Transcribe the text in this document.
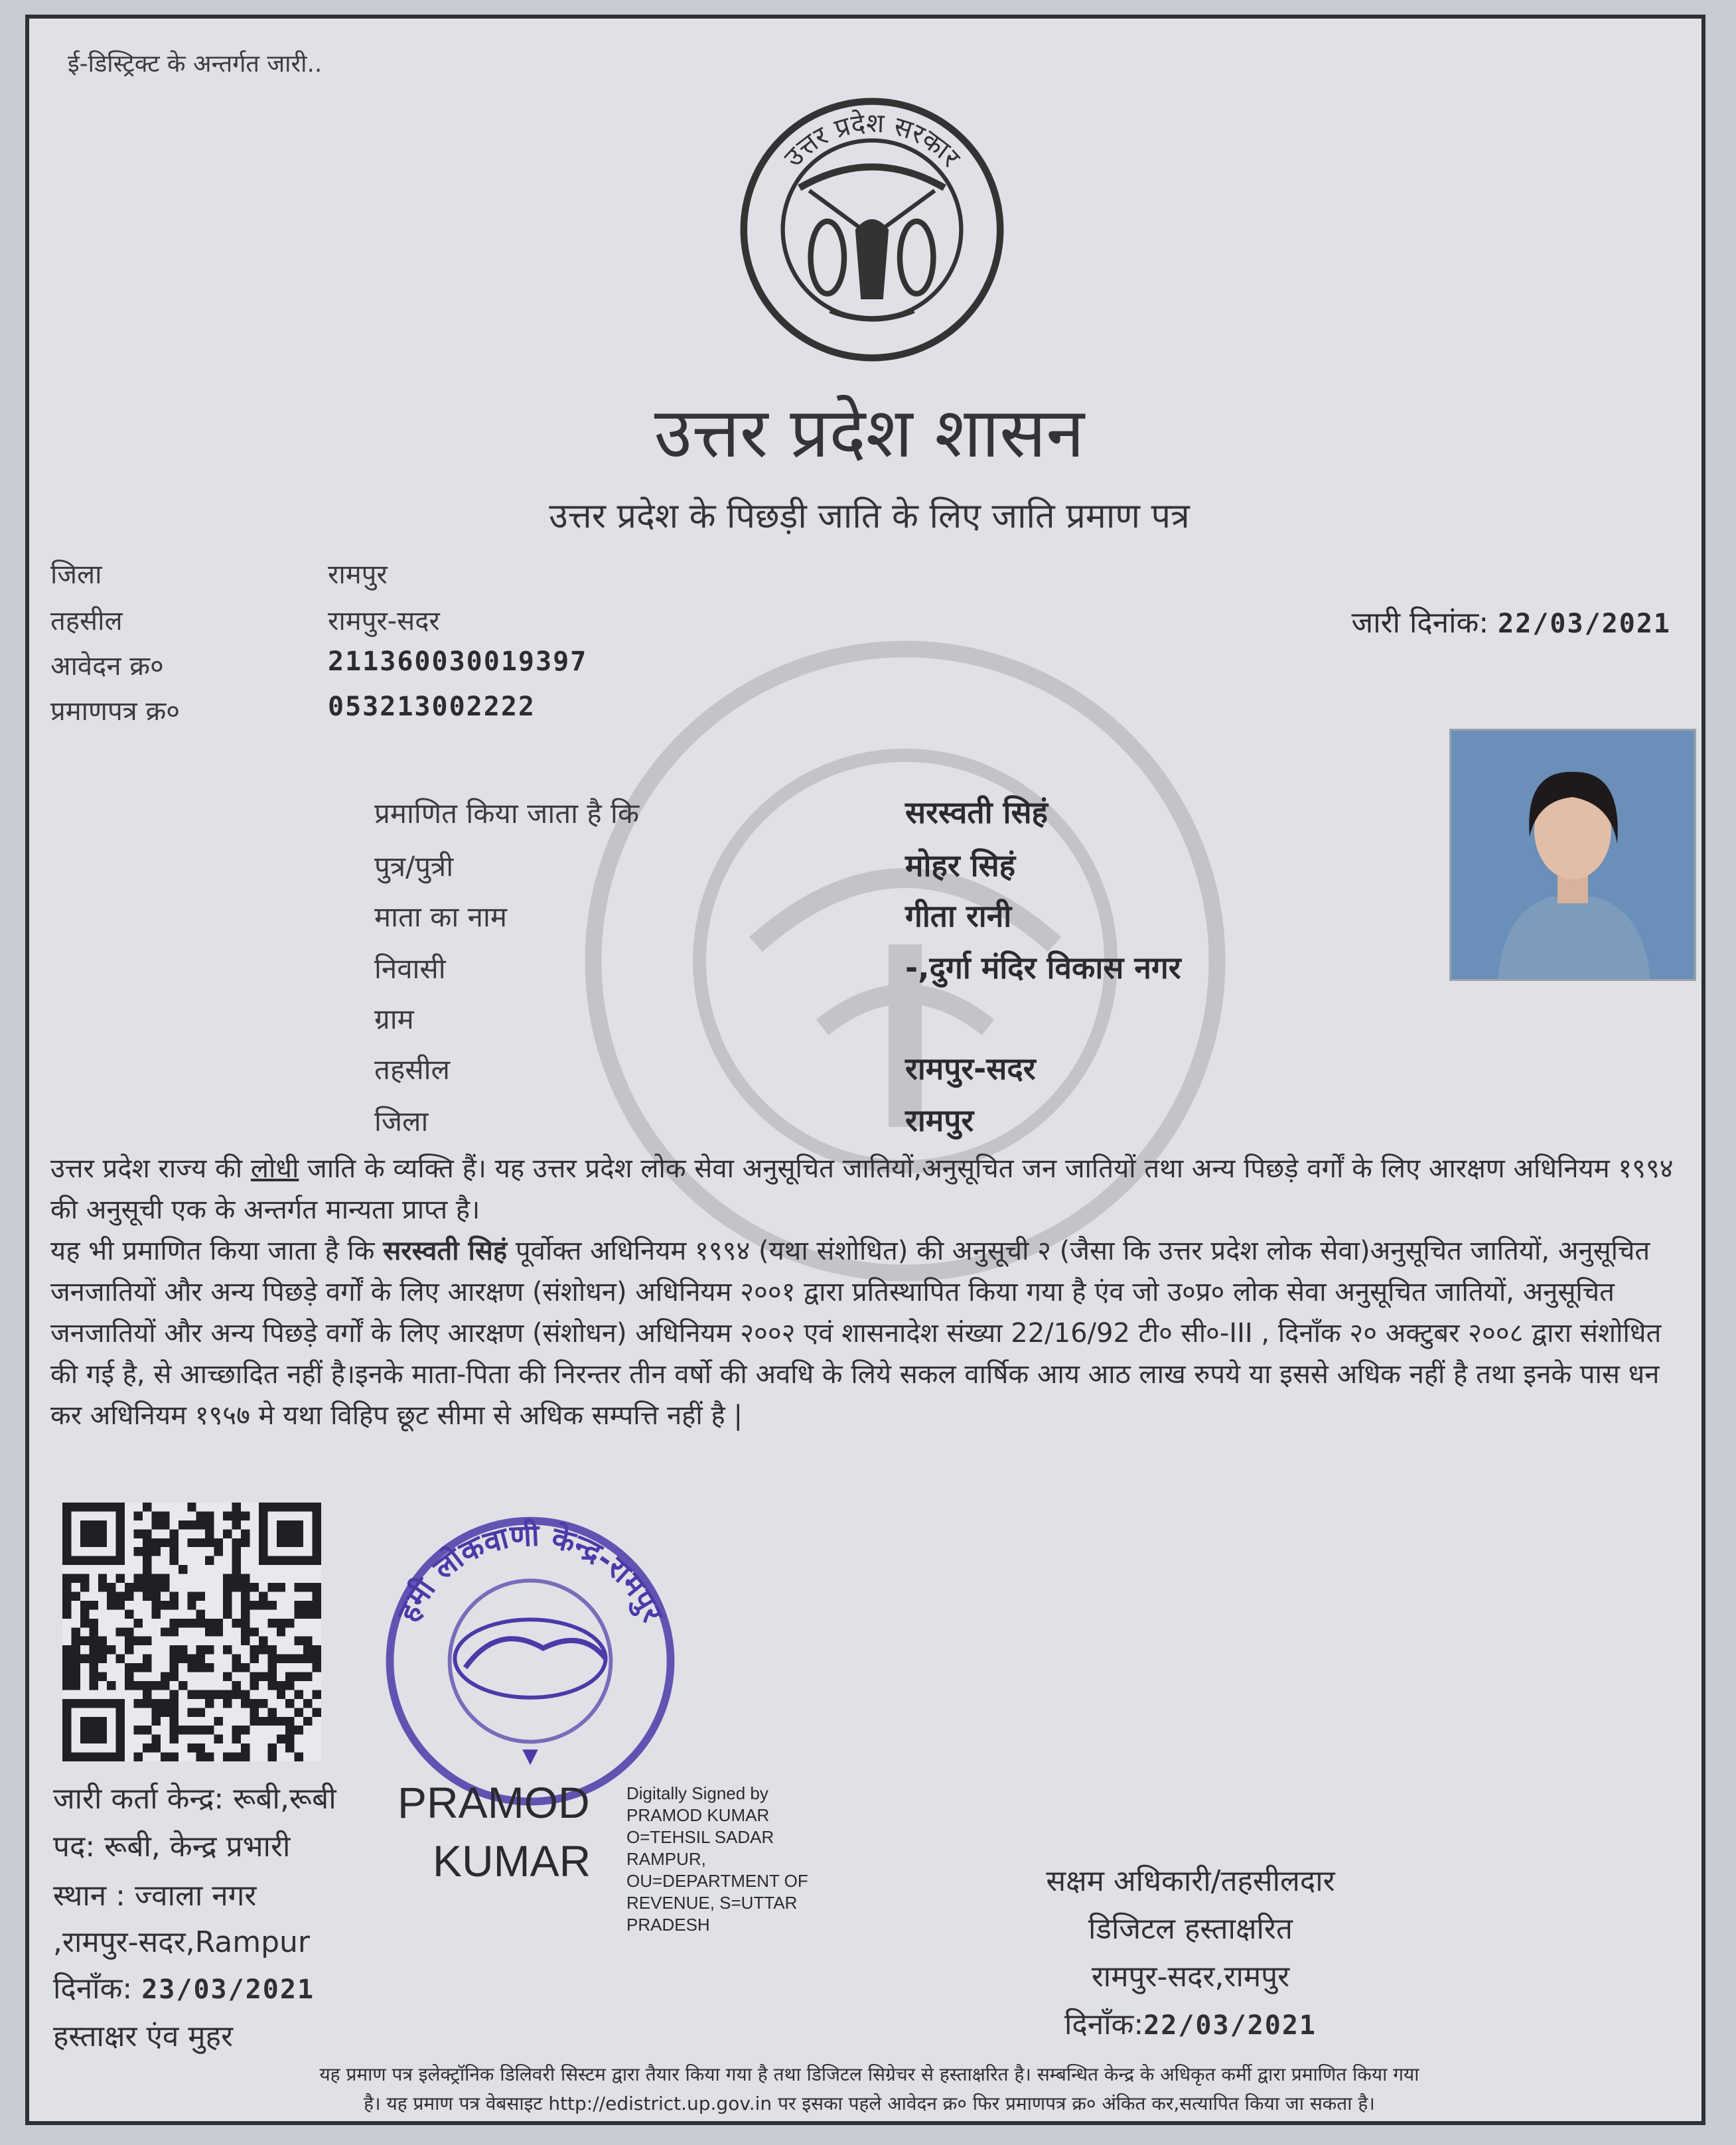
ई-डिस्ट्रिक्ट के अन्तर्गत जारी..
उत्तर प्रदेश सरकार
उत्तर प्रदेश शासन
उत्तर प्रदेश के पिछड़ी जाति के लिए जाति प्रमाण पत्र
जिला	रामपुर
तहसील	रामपुर-सदर
आवेदन क्र०	211360030019397
प्रमाणपत्र क्र०	053213002222
जारी दिनांक: 22/03/2021
प्रमाणित किया जाता है कि	सरस्वती सिहं
पुत्र/पुत्री	मोहर सिहं
माता का नाम	गीता रानी
निवासी	-,दुर्गा मंदिर विकास नगर
ग्राम
तहसील	रामपुर-सदर
जिला	रामपुर
उत्तर प्रदेश राज्य की लोधी जाति के व्यक्ति हैं। यह उत्तर प्रदेश लोक सेवा अनुसूचित जातियों,अनुसूचित जन जातियों तथा अन्य पिछड़े वर्गों के लिए आरक्षण अधिनियम १९९४ की अनुसूची एक के अन्तर्गत मान्यता प्राप्त है।
यह भी प्रमाणित किया जाता है कि सरस्वती सिहं पूर्वोक्त अधिनियम १९९४ (यथा संशोधित) की अनुसूची २ (जैसा कि उत्तर प्रदेश लोक सेवा)अनुसूचित जातियों, अनुसूचित जनजातियों और अन्य पिछड़े वर्गों के लिए आरक्षण (संशोधन) अधिनियम २००१ द्वारा प्रतिस्थापित किया गया है एंव जो उ०प्र० लोक सेवा अनुसूचित जातियों, अनुसूचित जनजातियों और अन्य पिछड़े वर्गों के लिए आरक्षण (संशोधन) अधिनियम २००२ एवं शासनादेश संख्या 22/16/92 टी० सी०-III , दिनाँक २० अक्टुबर २००८ द्वारा संशोधित की गई है, से आच्छादित नहीं है।इनके माता-पिता की निरन्तर तीन वर्षो की अवधि के लिये सकल वार्षिक आय आठ लाख रुपये या इससे अधिक नहीं है तथा इनके पास धन कर अधिनियम १९५७ मे यथा विहिप छूट सीमा से अधिक सम्पत्ति नहीं है |
हमी लोकवाणी केन्द्र-रामपुर
PRAMOD
KUMAR
Digitally Signed by
PRAMOD KUMAR
O=TEHSIL SADAR
RAMPUR,
OU=DEPARTMENT OF
REVENUE, S=UTTAR
PRADESH
जारी कर्ता केन्द्र: रूबी,रूबी
पद: रूबी, केन्द्र प्रभारी
स्थान : ज्वाला नगर
,रामपुर-सदर,Rampur
दिनाँक: 23/03/2021
हस्ताक्षर एंव मुहर
सक्षम अधिकारी/तहसीलदार
डिजिटल हस्ताक्षरित
रामपुर-सदर,रामपुर
दिनाँक:22/03/2021
यह प्रमाण पत्र इलेक्ट्रॉनिक डिलिवरी सिस्टम द्वारा तैयार किया गया है तथा डिजिटल सिग्रेचर से हस्ताक्षरित है। सम्बन्धित केन्द्र के अधिकृत कर्मी द्वारा प्रमाणित किया गया
है। यह प्रमाण पत्र वेबसाइट http://edistrict.up.gov.in पर इसका पहले आवेदन क्र० फिर प्रमाणपत्र क्र० अंकित कर,सत्यापित किया जा सकता है।
